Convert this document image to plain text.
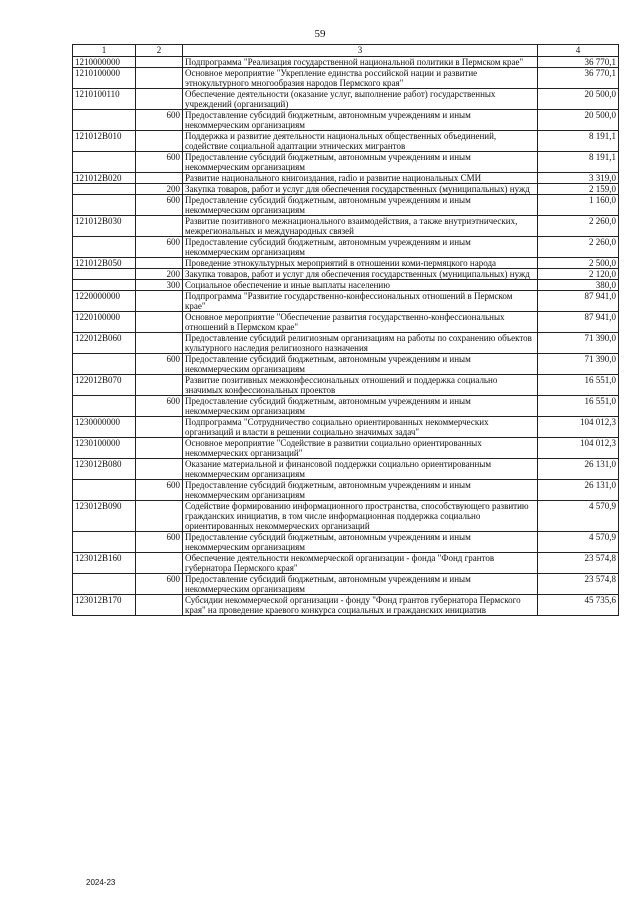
59
1	2	3	4
1210000000		Подпрограмма "Реализация государственной национальной политики в Пермском крае"	36 770,1
1210100000		Основное мероприятие "Укрепление единства российской нации и развитие этнокультурного многообразия народов Пермского края"	36 770,1
1210100110		Обеспечение деятельности (оказание услуг, выполнение работ) государственных учреждений (организаций)	20 500,0
	600	Предоставление субсидий бюджетным, автономным учреждениям и иным некоммерческим организациям	20 500,0
121012В010		Поддержка и развитие деятельности национальных общественных объединений, содействие социальной адаптации этнических мигрантов	8 191,1
	600	Предоставление субсидий бюджетным, автономным учреждениям и иным некоммерческим организациям	8 191,1
121012В020		Развитие национального книгоиздания, radio и развитие национальных СМИ	3 319,0
	200	Закупка товаров, работ и услуг для обеспечения государственных (муниципальных) нужд	2 159,0
	600	Предоставление субсидий бюджетным, автономным учреждениям и иным некоммерческим организациям	1 160,0
121012В030		Развитие позитивного межнационального взаимодействия, а также внутриэтнических, межрегиональных и международных связей	2 260,0
	600	Предоставление субсидий бюджетным, автономным учреждениям и иным некоммерческим организациям	2 260,0
121012В050		Проведение этнокультурных мероприятий в отношении коми-пермяцкого народа	2 500,0
	200	Закупка товаров, работ и услуг для обеспечения государственных (муниципальных) нужд	2 120,0
	300	Социальное обеспечение и иные выплаты населению	380,0
1220000000		Подпрограмма "Развитие государственно-конфессиональных отношений в Пермском крае"	87 941,0
1220100000		Основное мероприятие "Обеспечение развития государственно-конфессиональных отношений в Пермском крае"	87 941,0
122012В060		Предоставление субсидий религиозным организациям на работы по сохранению объектов культурного наследия религиозного назначения	71 390,0
	600	Предоставление субсидий бюджетным, автономным учреждениям и иным некоммерческим организациям	71 390,0
122012В070		Развитие позитивных межконфессиональных отношений и поддержка социально значимых конфессиональных проектов	16 551,0
	600	Предоставление субсидий бюджетным, автономным учреждениям и иным некоммерческим организациям	16 551,0
1230000000		Подпрограмма "Сотрудничество социально ориентированных некоммерческих организаций и власти в решении социально значимых задач"	104 012,3
1230100000		Основное мероприятие "Содействие в развитии социально ориентированных некоммерческих организаций"	104 012,3
123012В080		Оказание материальной и финансовой поддержки социально ориентированным некоммерческим организациям	26 131,0
	600	Предоставление субсидий бюджетным, автономным учреждениям и иным некоммерческим организациям	26 131,0
123012В090		Содействие формированию информационного пространства, способствующего развитию гражданских инициатив, в том числе информационная поддержка социально ориентированных некоммерческих организаций	4 570,9
	600	Предоставление субсидий бюджетным, автономным учреждениям и иным некоммерческим организациям	4 570,9
123012В160		Обеспечение деятельности некоммерческой организации - фонда "Фонд грантов губернатора Пермского края"	23 574,8
	600	Предоставление субсидий бюджетным, автономным учреждениям и иным некоммерческим организациям	23 574,8
123012В170		Субсидии некоммерческой организации - фонду "Фонд грантов губернатора Пермского края" на проведение краевого конкурса социальных и гражданских инициатив	45 735,6
2024-23
